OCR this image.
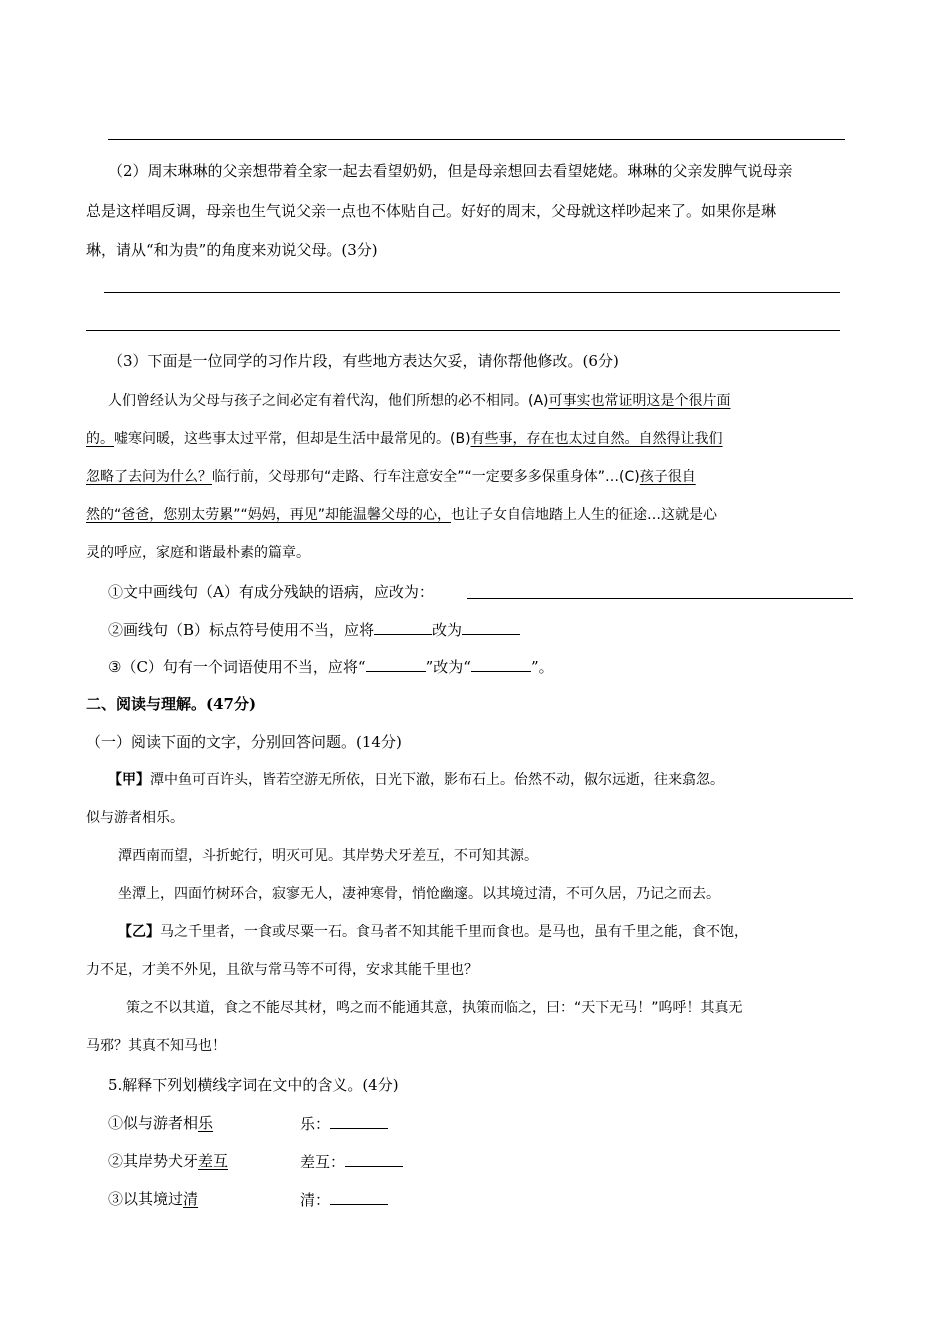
（2）周末琳琳的父亲想带着全家一起去看望奶奶，但是母亲想回去看望姥姥。琳琳的父亲发脾气说母亲
总是这样唱反调，母亲也生气说父亲一点也不体贴自己。好好的周末，父母就这样吵起来了。如果你是琳
琳，请从“和为贵”的角度来劝说父母。(3分)
（3）下面是一位同学的习作片段，有些地方表达欠妥，请你帮他修改。(6分)
人们曾经认为父母与孩子之间必定有着代沟，他们所想的必不相同。(A)可事实也常证明这是个很片面
的。嘘寒问暖，这些事太过平常，但却是生活中最常见的。(B)有些事，存在也太过自然。自然得让我们
忽略了去问为什么？临行前，父母那句“走路、行车注意安全”“一定要多多保重身体”…(C)孩子很自
然的“爸爸，您别太劳累”“妈妈，再见”却能温馨父母的心，也让子女自信地踏上人生的征途…这就是心
灵的呼应，家庭和谐最朴素的篇章。
①文中画线句（A）有成分残缺的语病，应改为：
②画线句（B）标点符号使用不当，应将	改为
③（C）句有一个词语使用不当，应将“	”改为“	”。
二、阅读与理解。(47分)
（一）阅读下面的文字，分别回答问题。(14分)
【甲】潭中鱼可百许头，皆若空游无所依，日光下澈，影布石上。佁然不动，俶尔远逝，往来翕忽。
似与游者相乐。
潭西南而望，斗折蛇行，明灭可见。其岸势犬牙差互，不可知其源。
坐潭上，四面竹树环合，寂寥无人，凄神寒骨，悄怆幽邃。以其境过清，不可久居，乃记之而去。
【乙】马之千里者，一食或尽粟一石。食马者不知其能千里而食也。是马也，虽有千里之能，食不饱，
力不足，才美不外见，且欲与常马等不可得，安求其能千里也？
策之不以其道，食之不能尽其材，鸣之而不能通其意，执策而临之，曰：“天下无马！”呜呼！其真无
马邪？其真不知马也！
5.解释下列划横线字词在文中的含义。(4分)
①似与游者相乐	乐：
②其岸势犬牙差互	差互：
③以其境过清	清：
